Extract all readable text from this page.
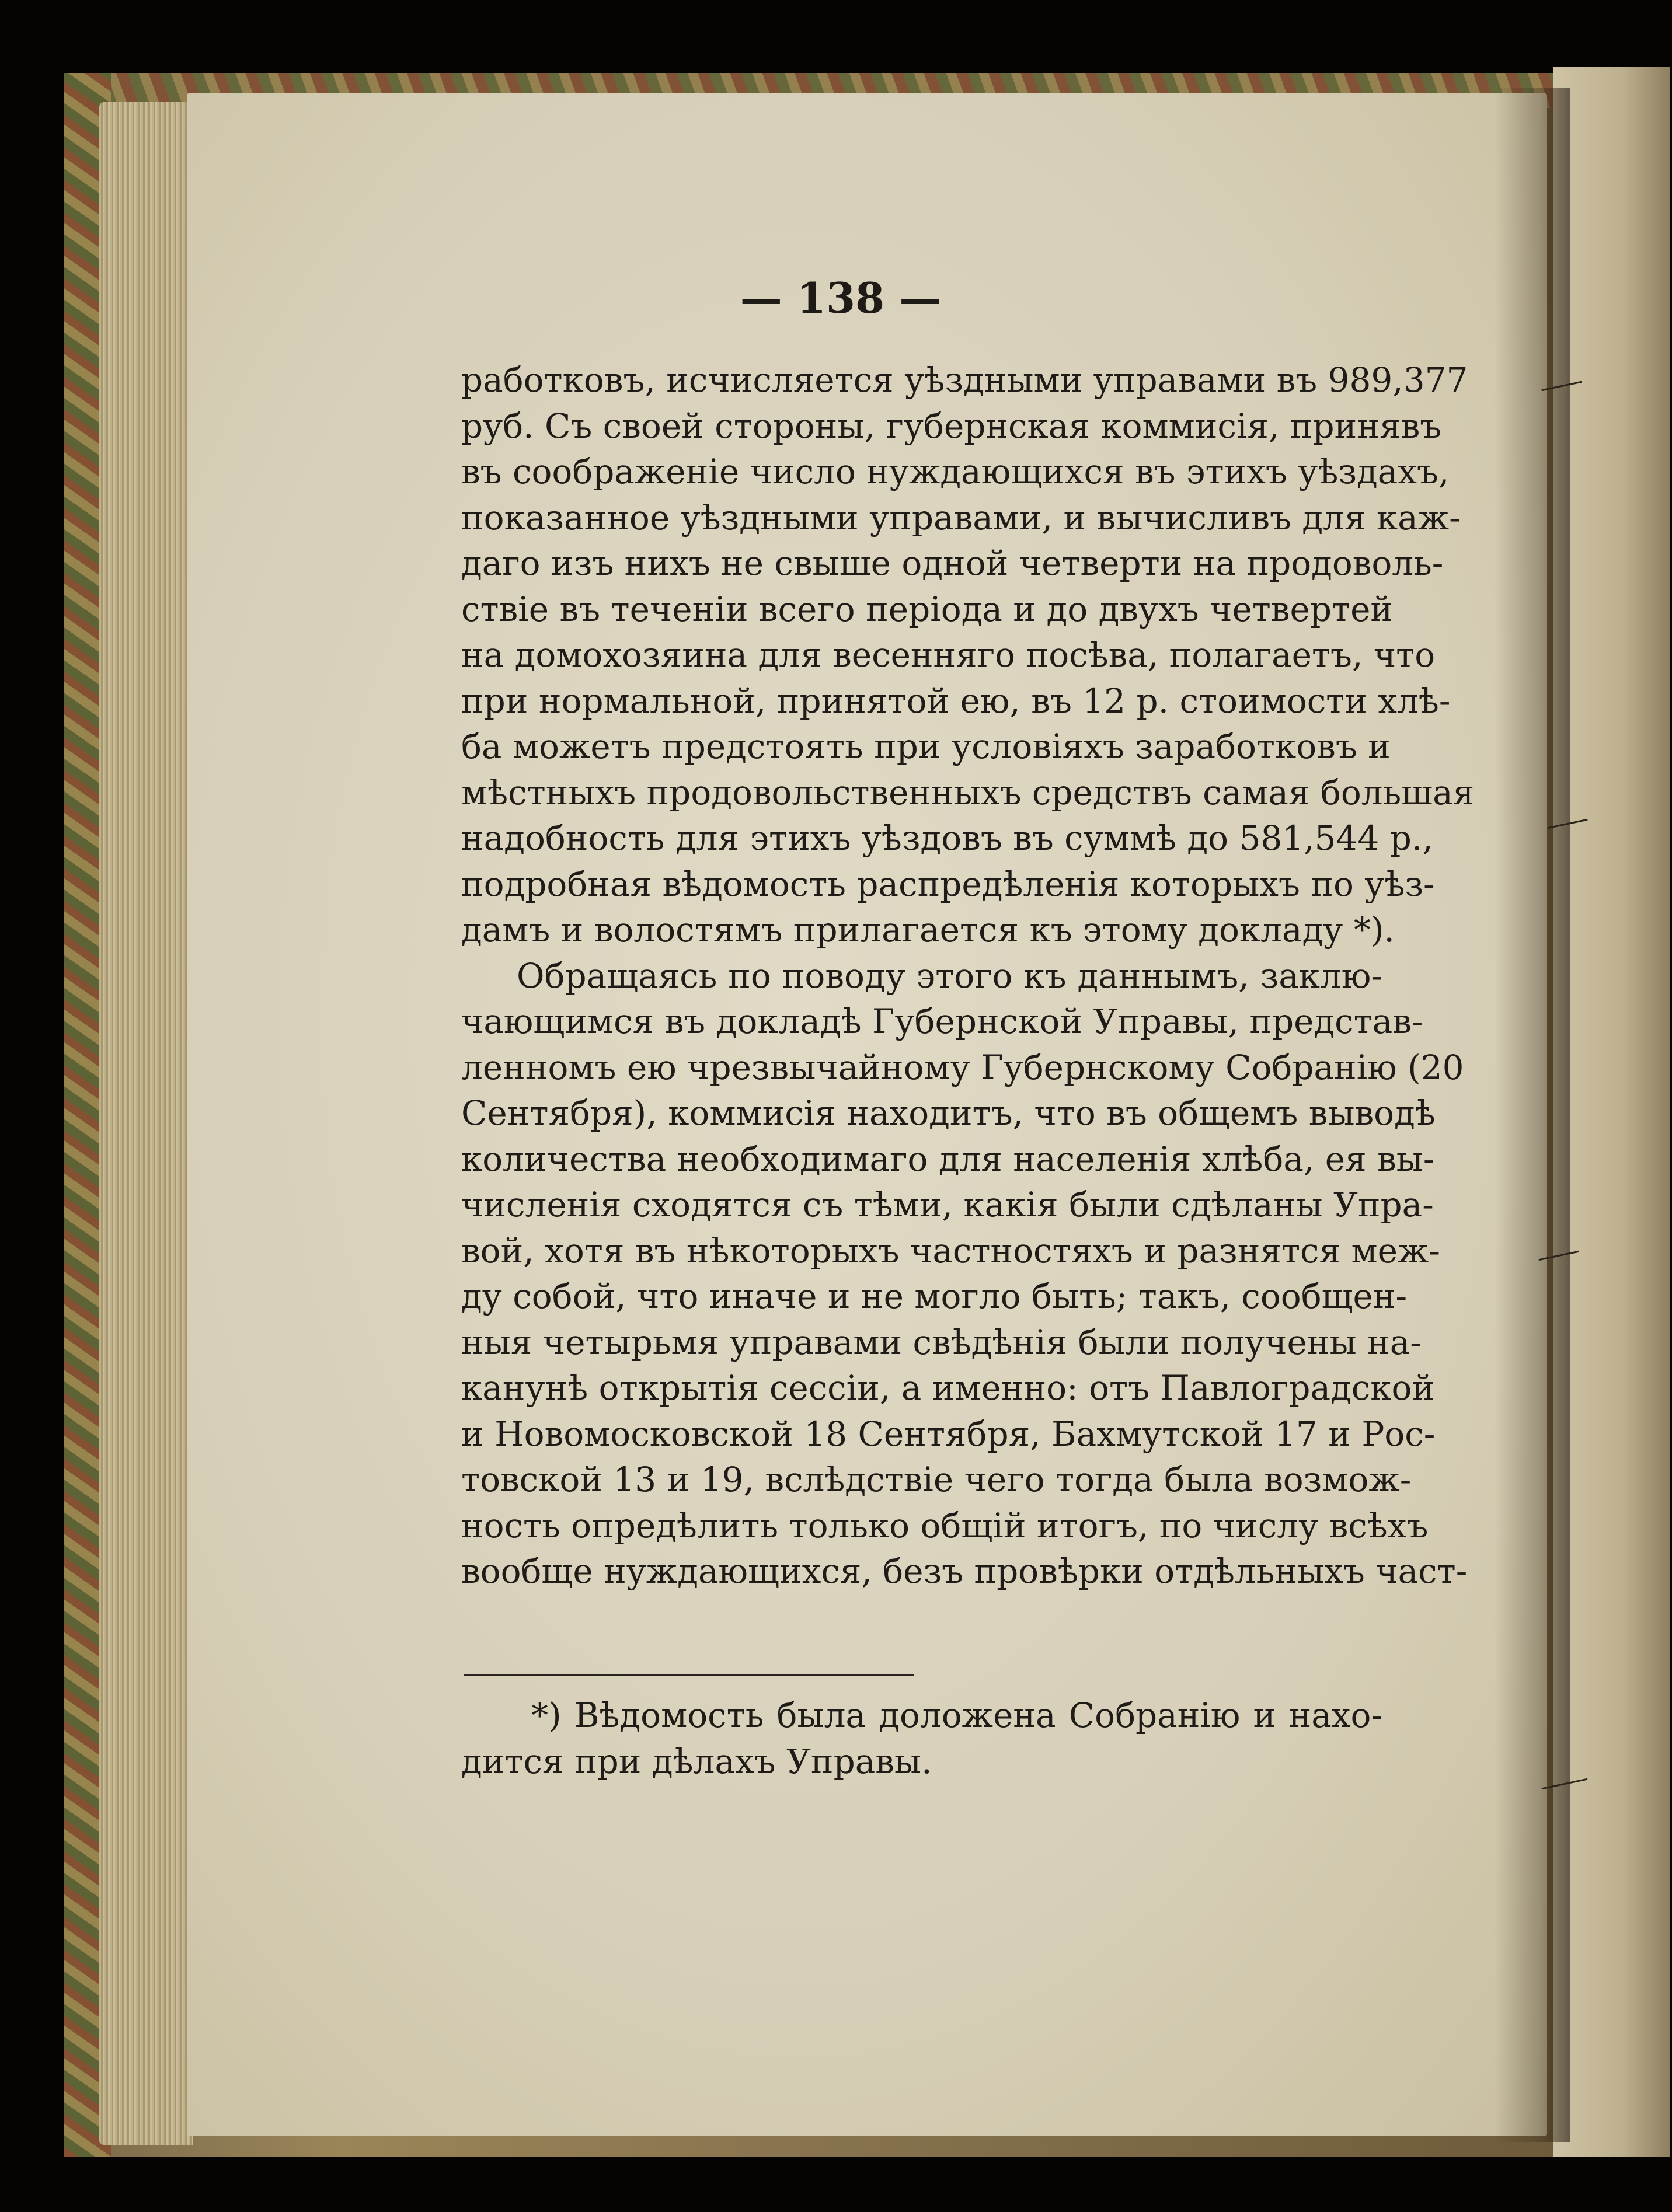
— 138 —

работковъ, исчисляется уѣздными управами въ 989,377
руб. Съ своей стороны, губернская коммисія, принявъ
въ соображеніе число нуждающихся въ этихъ уѣздахъ,
показанное уѣздными управами, и вычисливъ для каж-
даго изъ нихъ не свыше одной четверти на продоволь-
ствіе въ теченіи всего періода и до двухъ четвертей
на домохозяина для весенняго посѣва, полагаетъ, что
при нормальной, принятой ею, въ 12 р. стоимости хлѣ-
ба можетъ предстоять при условіяхъ заработковъ и
мѣстныхъ продовольственныхъ средствъ самая большая
надобность для этихъ уѣздовъ въ суммѣ до 581,544 р.,
подробная вѣдомость распредѣленія которыхъ по уѣз-
дамъ и волостямъ прилагается къ этому докладу *).
Обращаясь по поводу этого къ даннымъ, заклю-
чающимся въ докладѣ Губернской Управы, представ-
ленномъ ею чрезвычайному Губернскому Собранію (20
Сентября), коммисія находитъ, что въ общемъ выводѣ
количества необходимаго для населенія хлѣба, ея вы-
численія сходятся съ тѣми, какія были сдѣланы Упра-
вой, хотя въ нѣкоторыхъ частностяхъ и разнятся меж-
ду собой, что иначе и не могло быть; такъ, сообщен-
ныя четырьмя управами свѣдѣнія были получены на-
канунѣ открытія сессіи, а именно: отъ Павлоградской
и Новомосковской 18 Сентября, Бахмутской 17 и Рос-
товской 13 и 19, вслѣдствіе чего тогда была возмож-
ность опредѣлить только общій итогъ, по числу всѣхъ
вообще нуждающихся, безъ провѣрки отдѣльныхъ част-
*) Вѣдомость была доложена Собранію и нахо-
дится при дѣлахъ Управы.
